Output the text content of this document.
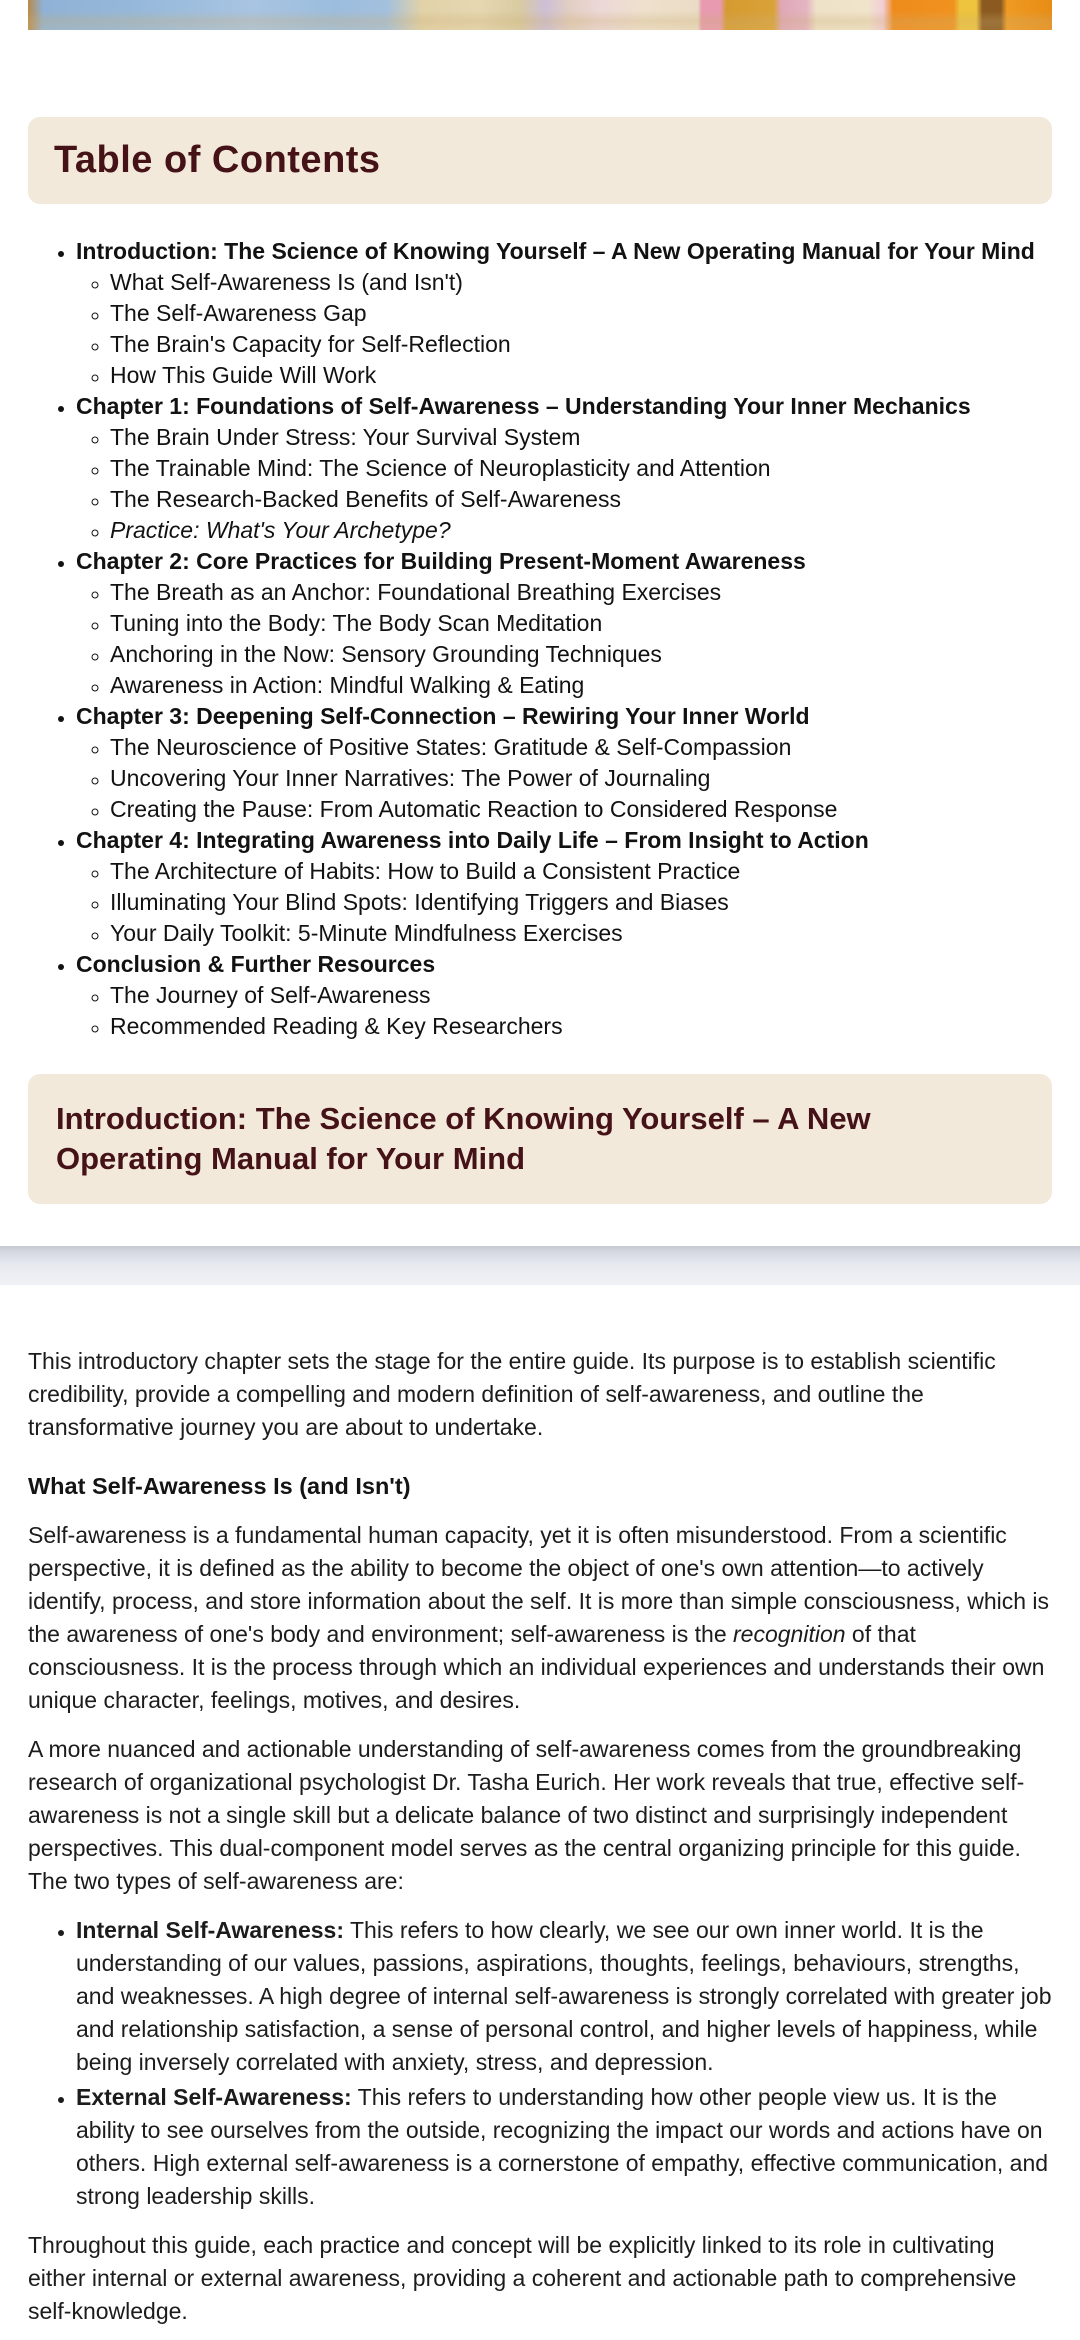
Table of Contents
• Introduction: The Science of Knowing Yourself – A New Operating Manual for Your Mind
◦ What Self-Awareness Is (and Isn't)
◦ The Self-Awareness Gap
◦ The Brain's Capacity for Self-Reflection
◦ How This Guide Will Work
• Chapter 1: Foundations of Self-Awareness – Understanding Your Inner Mechanics
◦ The Brain Under Stress: Your Survival System
◦ The Trainable Mind: The Science of Neuroplasticity and Attention
◦ The Research-Backed Benefits of Self-Awareness
◦ Practice: What's Your Archetype?
• Chapter 2: Core Practices for Building Present-Moment Awareness
◦ The Breath as an Anchor: Foundational Breathing Exercises
◦ Tuning into the Body: The Body Scan Meditation
◦ Anchoring in the Now: Sensory Grounding Techniques
◦ Awareness in Action: Mindful Walking & Eating
• Chapter 3: Deepening Self-Connection – Rewiring Your Inner World
◦ The Neuroscience of Positive States: Gratitude & Self-Compassion
◦ Uncovering Your Inner Narratives: The Power of Journaling
◦ Creating the Pause: From Automatic Reaction to Considered Response
• Chapter 4: Integrating Awareness into Daily Life – From Insight to Action
◦ The Architecture of Habits: How to Build a Consistent Practice
◦ Illuminating Your Blind Spots: Identifying Triggers and Biases
◦ Your Daily Toolkit: 5-Minute Mindfulness Exercises
• Conclusion & Further Resources
◦ The Journey of Self-Awareness
◦ Recommended Reading & Key Researchers
Introduction: The Science of Knowing Yourself – A New Operating Manual for Your Mind

This introductory chapter sets the stage for the entire guide. Its purpose is to establish scientific credibility, provide a compelling and modern definition of self-awareness, and outline the transformative journey you are about to undertake.

What Self-Awareness Is (and Isn't)

Self-awareness is a fundamental human capacity, yet it is often misunderstood. From a scientific perspective, it is defined as the ability to become the object of one's own attention—to actively identify, process, and store information about the self. It is more than simple consciousness, which is the awareness of one's body and environment; self-awareness is the recognition of that consciousness. It is the process through which an individual experiences and understands their own unique character, feelings, motives, and desires.

A more nuanced and actionable understanding of self-awareness comes from the groundbreaking research of organizational psychologist Dr. Tasha Eurich. Her work reveals that true, effective self-awareness is not a single skill but a delicate balance of two distinct and surprisingly independent perspectives. This dual-component model serves as the central organizing principle for this guide. The two types of self-awareness are:

• Internal Self-Awareness: This refers to how clearly, we see our own inner world. It is the understanding of our values, passions, aspirations, thoughts, feelings, behaviours, strengths, and weaknesses. A high degree of internal self-awareness is strongly correlated with greater job and relationship satisfaction, a sense of personal control, and higher levels of happiness, while being inversely correlated with anxiety, stress, and depression.
• External Self-Awareness: This refers to understanding how other people view us. It is the ability to see ourselves from the outside, recognizing the impact our words and actions have on others. High external self-awareness is a cornerstone of empathy, effective communication, and strong leadership skills.

Throughout this guide, each practice and concept will be explicitly linked to its role in cultivating either internal or external awareness, providing a coherent and actionable path to comprehensive self-knowledge.
